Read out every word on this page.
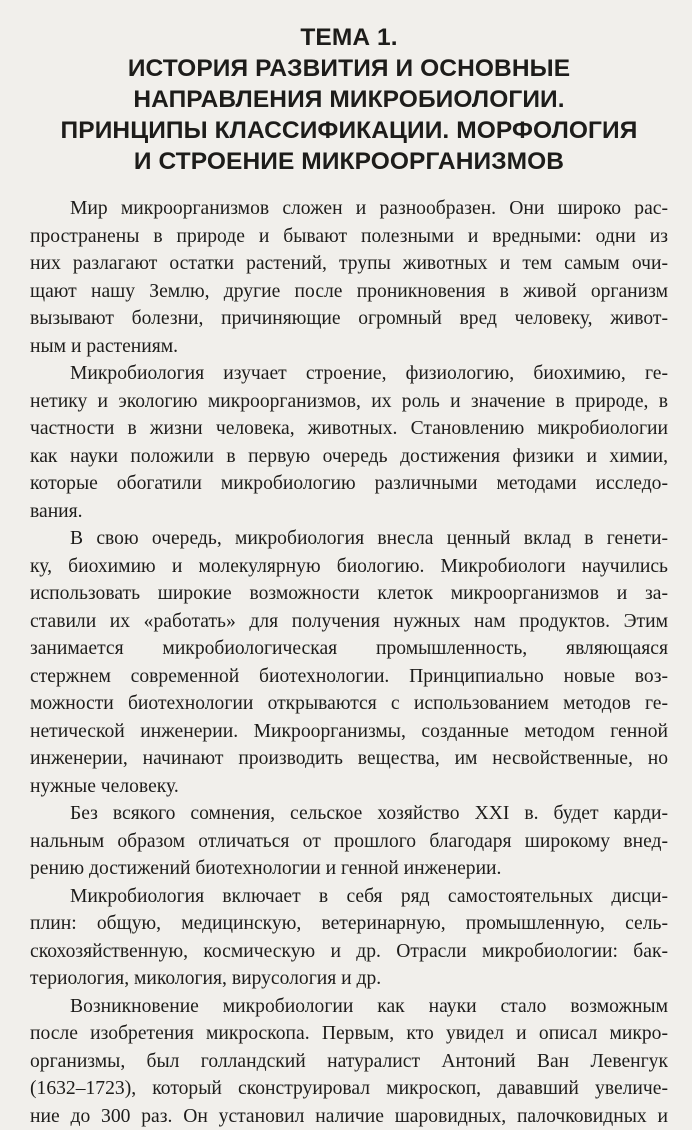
ТЕМА 1.
ИСТОРИЯ РАЗВИТИЯ И ОСНОВНЫЕ
НАПРАВЛЕНИЯ МИКРОБИОЛОГИИ.
ПРИНЦИПЫ КЛАССИФИКАЦИИ. МОРФОЛОГИЯ
И СТРОЕНИЕ МИКРООРГАНИЗМОВ

Мир микроорганизмов сложен и разнообразен. Они широко рас-
пространены в природе и бывают полезными и вредными: одни из
них разлагают остатки растений, трупы животных и тем самым очи-
щают нашу Землю, другие после проникновения в живой организм
вызывают болезни, причиняющие огромный вред человеку, живот-
ным и растениям.

Микробиология изучает строение, физиологию, биохимию, ге-
нетику и экологию микроорганизмов, их роль и значение в природе, в
частности в жизни человека, животных. Становлению микробиологии
как науки положили в первую очередь достижения физики и химии,
которые обогатили микробиологию различными методами исследо-
вания.

В свою очередь, микробиология внесла ценный вклад в генети-
ку, биохимию и молекулярную биологию. Микробиологи научились
использовать широкие возможности клеток микроорганизмов и за-
ставили их «работать» для получения нужных нам продуктов. Этим
занимается микробиологическая промышленность, являющаяся
стержнем современной биотехнологии. Принципиально новые воз-
можности биотехнологии открываются с использованием методов ге-
нетической инженерии. Микроорганизмы, созданные методом генной
инженерии, начинают производить вещества, им несвойственные, но
нужные человеку.

Без всякого сомнения, сельское хозяйство XXI в. будет карди-
нальным образом отличаться от прошлого благодаря широкому внед-
рению достижений биотехнологии и генной инженерии.

Микробиология включает в себя ряд самостоятельных дисци-
плин: общую, медицинскую, ветеринарную, промышленную, сель-
скохозяйственную, космическую и др. Отрасли микробиологии: бак-
териология, микология, вирусология и др.

Возникновение микробиологии как науки стало возможным
после изобретения микроскопа. Первым, кто увидел и описал микро-
организмы, был голландский натуралист Антоний Ван Левенгук
(1632–1723), который сконструировал микроскоп, дававший увеличе-
ние до 300 раз. Он установил наличие шаровидных, палочковидных и
